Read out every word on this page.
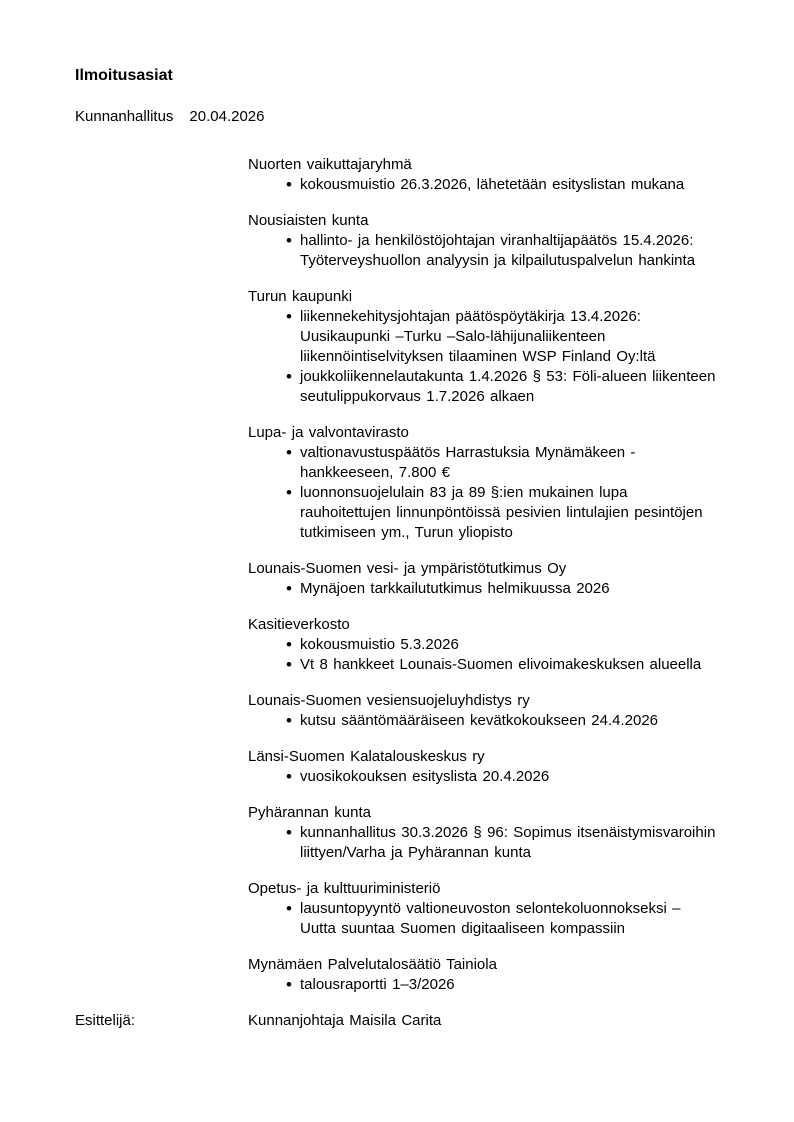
Ilmoitusasiat
Kunnanhallitus 20.04.2026
Nuorten vaikuttajaryhmä
• kokousmuistio 26.3.2026, lähetetään esityslistan mukana
Nousiaisten kunta
• hallinto- ja henkilöstöjohtajan viranhaltijapäätös 15.4.2026:
Työterveyshuollon analyysin ja kilpailutuspalvelun hankinta
Turun kaupunki
• liikennekehitysjohtajan päätöspöytäkirja 13.4.2026:
Uusikaupunki –Turku –Salo-lähijunaliikenteen
liikennöintiselvityksen tilaaminen WSP Finland Oy:ltä
• joukkoliikennelautakunta 1.4.2026 § 53: Föli-alueen liikenteen
seutulippukorvaus 1.7.2026 alkaen
Lupa- ja valvontavirasto
• valtionavustuspäätös Harrastuksia Mynämäkeen -
hankkeeseen, 7.800 €
• luonnonsuojelulain 83 ja 89 §:ien mukainen lupa
rauhoitettujen linnunpöntöissä pesivien lintulajien pesintöjen
tutkimiseen ym., Turun yliopisto
Lounais-Suomen vesi- ja ympäristötutkimus Oy
• Mynäjoen tarkkailututkimus helmikuussa 2026
Kasitieverkosto
• kokousmuistio 5.3.2026
• Vt 8 hankkeet Lounais-Suomen elivoimakeskuksen alueella
Lounais-Suomen vesiensuojeluyhdistys ry
• kutsu sääntömääräiseen kevätkokoukseen 24.4.2026
Länsi-Suomen Kalatalouskeskus ry
• vuosikokouksen esityslista 20.4.2026
Pyhärannan kunta
• kunnanhallitus 30.3.2026 § 96: Sopimus itsenäistymisvaroihin
liittyen/Varha ja Pyhärannan kunta
Opetus- ja kulttuuriministeriö
• lausuntopyyntö valtioneuvoston selontekoluonnokseksi –
Uutta suuntaa Suomen digitaaliseen kompassiin
Mynämäen Palvelutalosäätiö Tainiola
• talousraportti 1–3/2026
Esittelijä:	Kunnanjohtaja Maisila Carita
